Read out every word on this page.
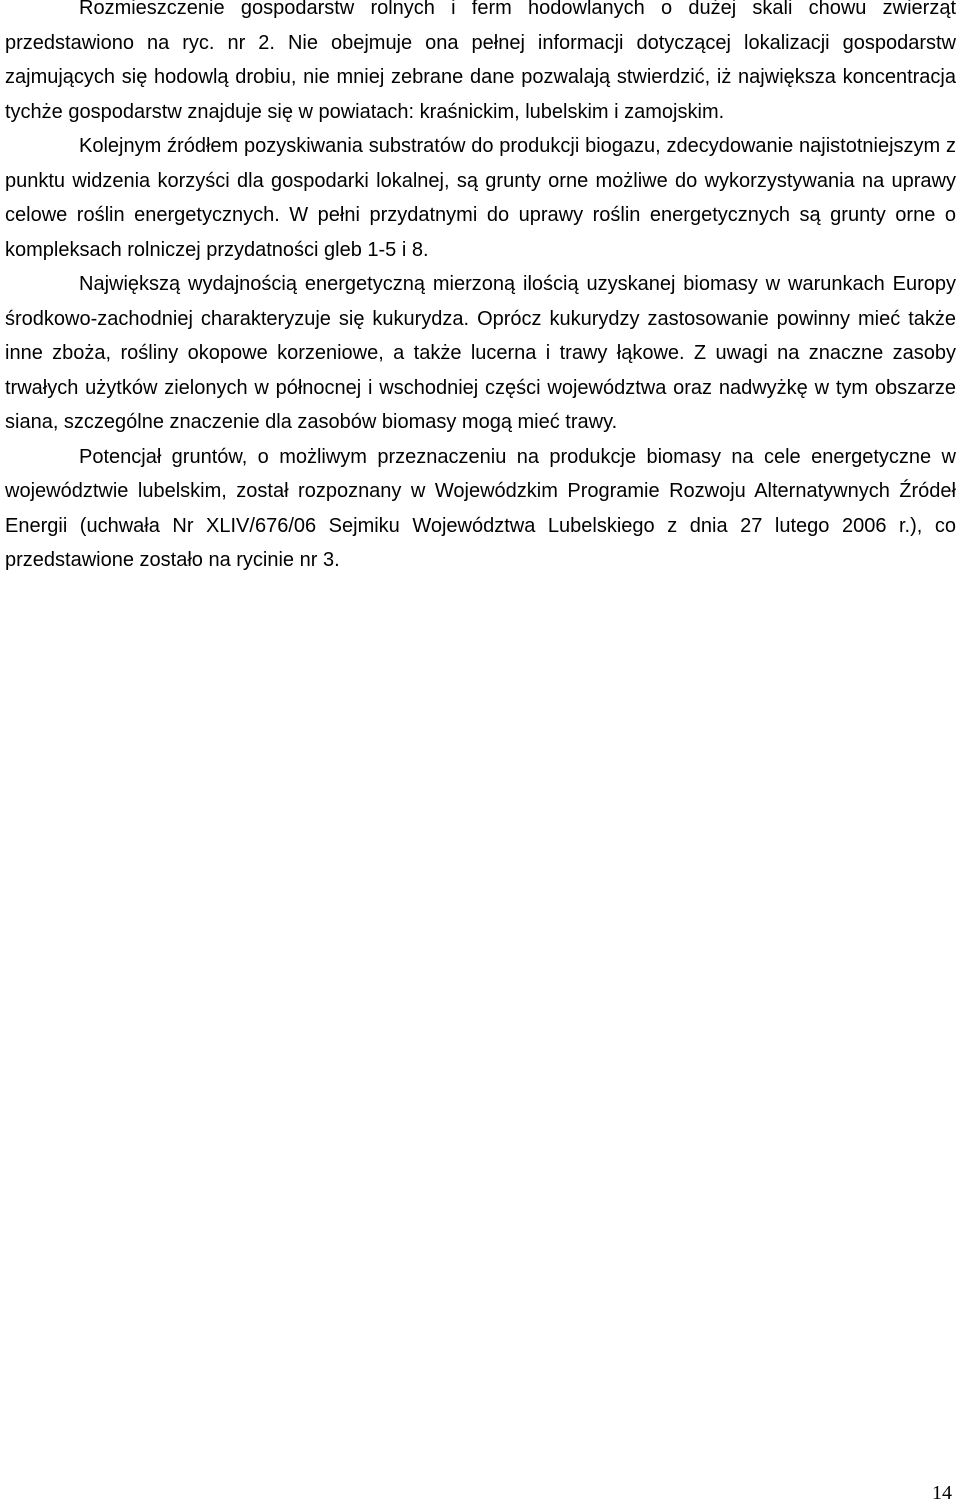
Rozmieszczenie gospodarstw rolnych i ferm hodowlanych o dużej skali chowu zwierząt przedstawiono na ryc. nr 2. Nie obejmuje ona pełnej informacji dotyczącej lokalizacji gospodarstw zajmujących się hodowlą drobiu, nie mniej zebrane dane pozwalają stwierdzić, iż największa koncentracja tychże gospodarstw znajduje się w powiatach: kraśnickim, lubelskim i zamojskim.

Kolejnym źródłem pozyskiwania substratów do produkcji biogazu, zdecydowanie najistotniejszym z punktu widzenia korzyści dla gospodarki lokalnej, są grunty orne możliwe do wykorzystywania na uprawy celowe roślin energetycznych. W pełni przydatnymi do uprawy roślin energetycznych są grunty orne o kompleksach rolniczej przydatności gleb 1-5 i 8.

Największą wydajnością energetyczną mierzoną ilością uzyskanej biomasy w warunkach Europy środkowo-zachodniej charakteryzuje się kukurydza. Oprócz kukurydzy zastosowanie powinny mieć także inne zboża, rośliny okopowe korzeniowe, a także lucerna i trawy łąkowe. Z uwagi na znaczne zasoby trwałych użytków zielonych w północnej i wschodniej części województwa oraz nadwyżkę w tym obszarze siana, szczególne znaczenie dla zasobów biomasy mogą mieć trawy.

Potencjał gruntów, o możliwym przeznaczeniu na produkcje biomasy na cele energetyczne w województwie lubelskim, został rozpoznany w Wojewódzkim Programie Rozwoju Alternatywnych Źródeł Energii (uchwała Nr XLIV/676/06 Sejmiku Województwa Lubelskiego z dnia 27 lutego 2006 r.), co przedstawione zostało na rycinie nr 3.

14
